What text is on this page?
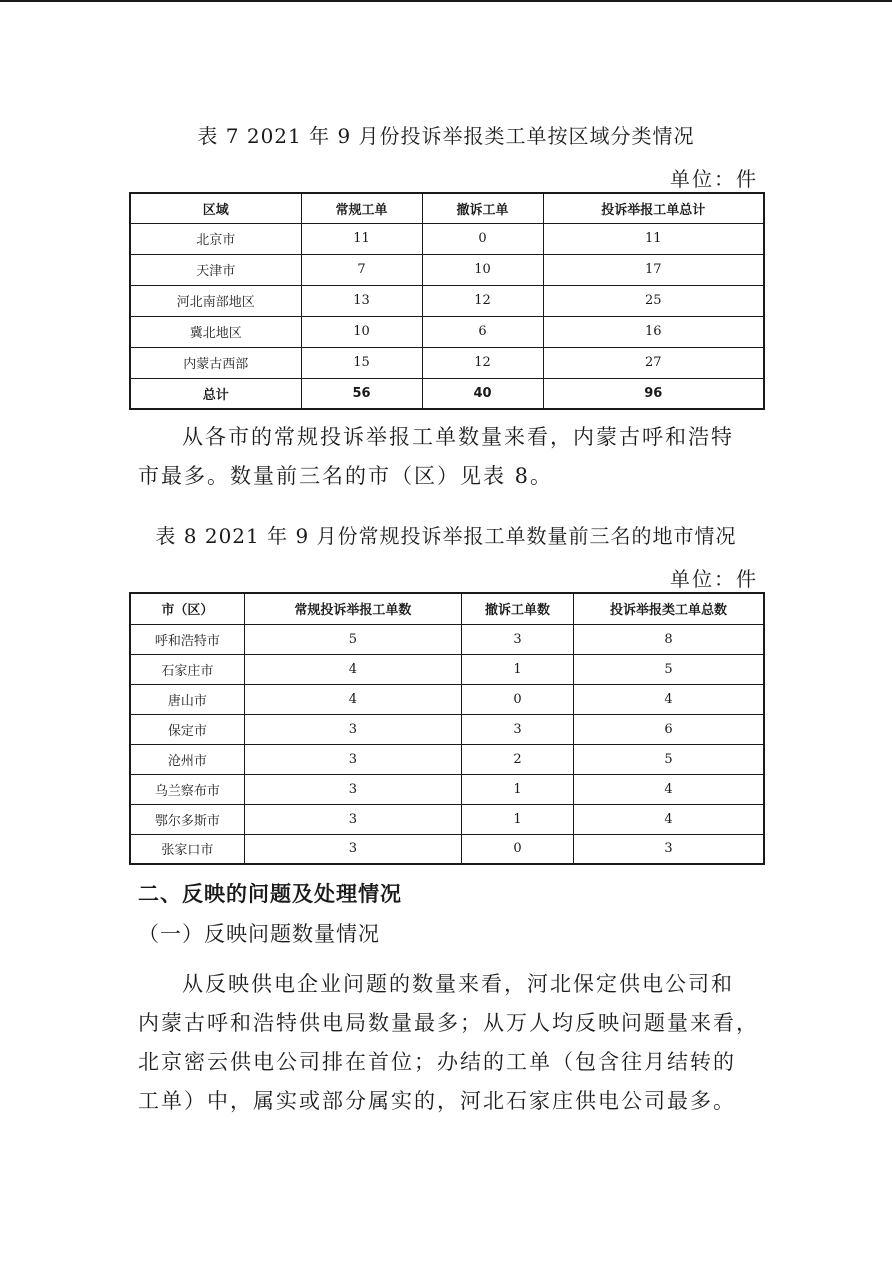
表 7 2021 年 9 月份投诉举报类工单按区域分类情况
单位：件
区域	常规工单	撤诉工单	投诉举报工单总计
北京市	11	0	11
天津市	7	10	17
河北南部地区	13	12	25
冀北地区	10	6	16
内蒙古西部	15	12	27
总计	56	40	96
从各市的常规投诉举报工单数量来看，内蒙古呼和浩特
市最多。数量前三名的市（区）见表 8。
表 8 2021 年 9 月份常规投诉举报工单数量前三名的地市情况
单位：件
市（区）	常规投诉举报工单数	撤诉工单数	投诉举报类工单总数
呼和浩特市	5	3	8
石家庄市	4	1	5
唐山市	4	0	4
保定市	3	3	6
沧州市	3	2	5
乌兰察布市	3	1	4
鄂尔多斯市	3	1	4
张家口市	3	0	3
二、反映的问题及处理情况
（一）反映问题数量情况
从反映供电企业问题的数量来看，河北保定供电公司和
内蒙古呼和浩特供电局数量最多；从万人均反映问题量来看，
北京密云供电公司排在首位；办结的工单（包含往月结转的
工单）中，属实或部分属实的，河北石家庄供电公司最多。
